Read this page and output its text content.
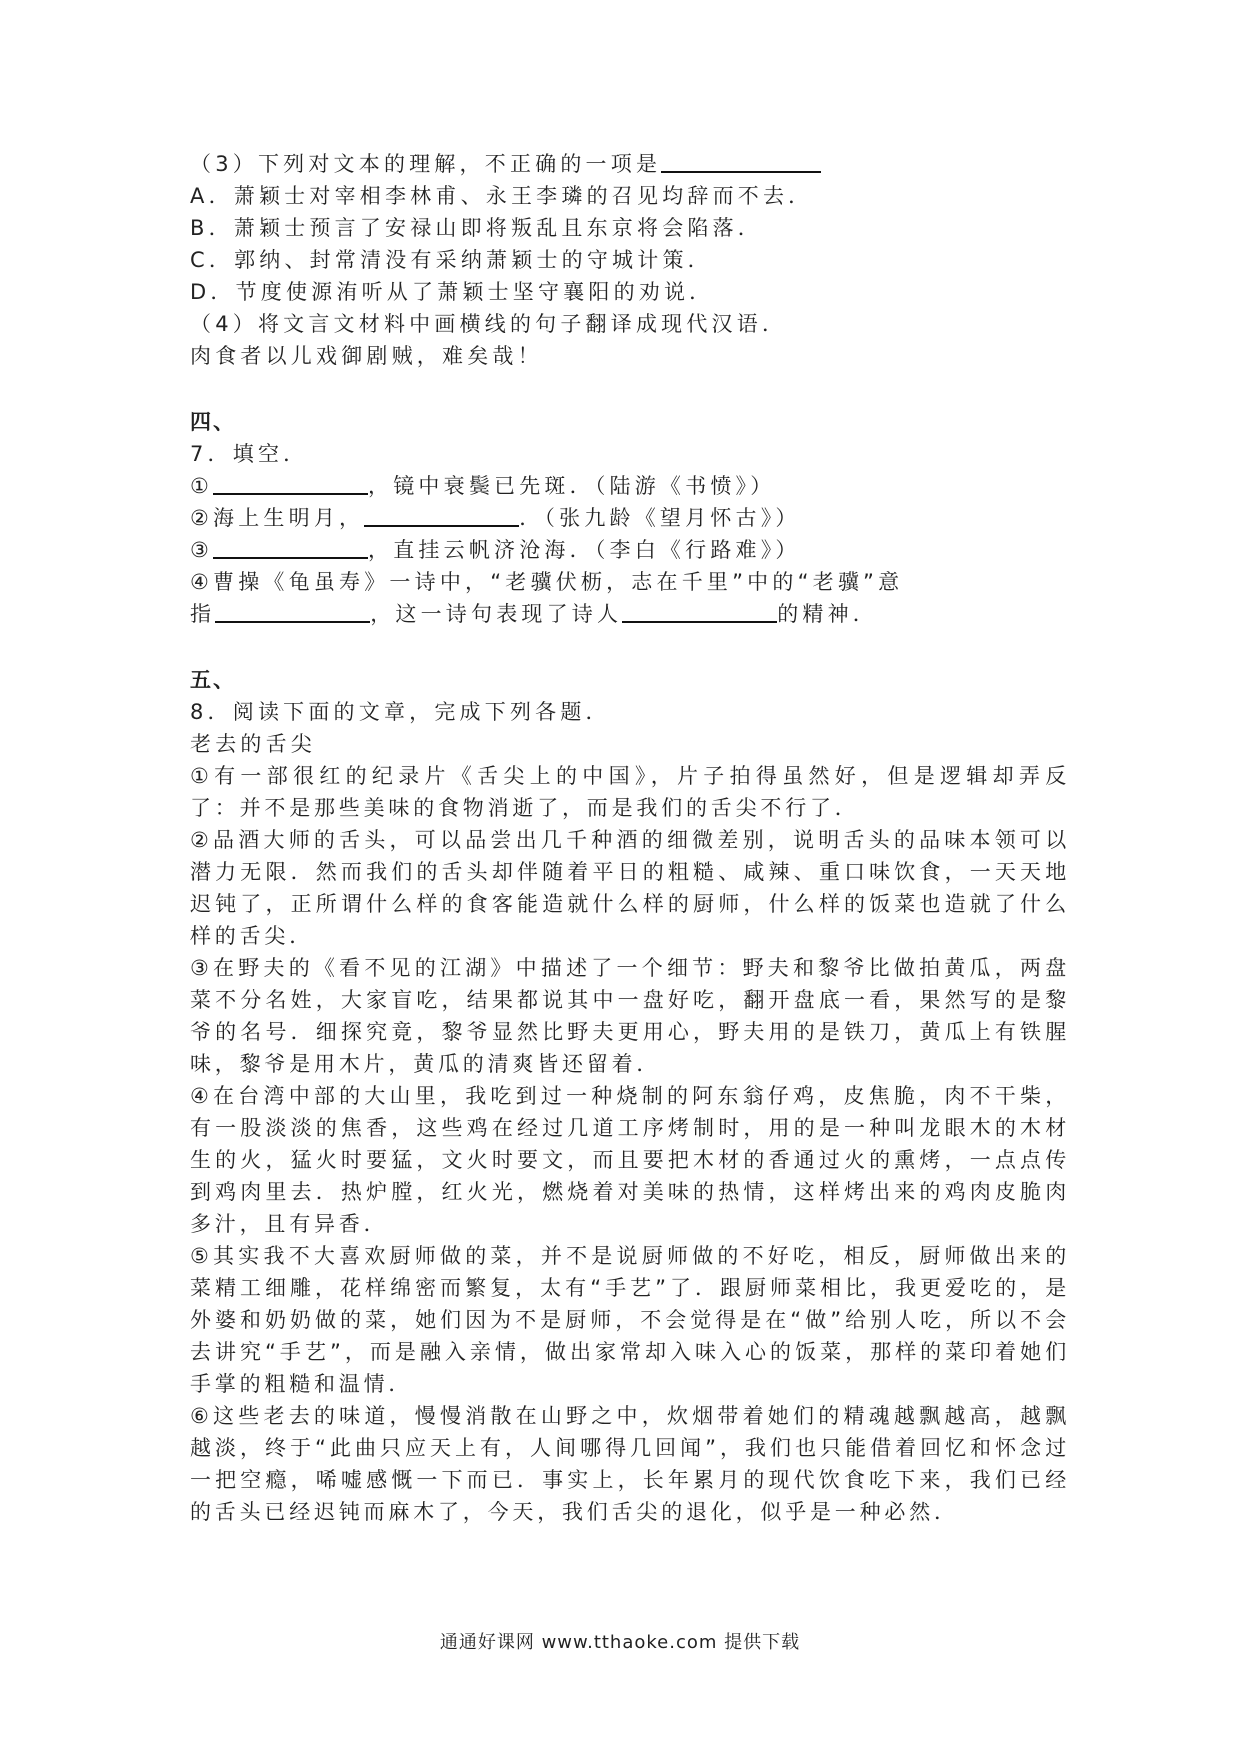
（3）下列对文本的理解，不正确的一项是
A．萧颖士对宰相李林甫、永王李璘的召见均辞而不去．
B．萧颖士预言了安禄山即将叛乱且东京将会陷落．
C．郭纳、封常清没有采纳萧颖士的守城计策．
D．节度使源洧听从了萧颖士坚守襄阳的劝说．
（4）将文言文材料中画横线的句子翻译成现代汉语．
肉食者以儿戏御剧贼，难矣哉！
四、
7．填空．
①	，镜中衰鬓已先斑．（陆游《书愤》）
②海上生明月，	．（张九龄《望月怀古》）
③	，直挂云帆济沧海．（李白《行路难》）
④曹操《龟虽寿》一诗中，“老骥伏枥，志在千里”中的“老骥”意
指	，这一诗句表现了诗人	的精神．
五、
8．阅读下面的文章，完成下列各题．
老去的舌尖
①有一部很红的纪录片《舌尖上的中国》，片子拍得虽然好，但是逻辑却弄反了：并不是那些美味的食物消逝了，而是我们的舌尖不行了．
②品酒大师的舌头，可以品尝出几千种酒的细微差别，说明舌头的品味本领可以潜力无限．然而我们的舌头却伴随着平日的粗糙、咸辣、重口味饮食，一天天地迟钝了，正所谓什么样的食客能造就什么样的厨师，什么样的饭菜也造就了什么样的舌尖．
③在野夫的《看不见的江湖》中描述了一个细节：野夫和黎爷比做拍黄瓜，两盘菜不分名姓，大家盲吃，结果都说其中一盘好吃，翻开盘底一看，果然写的是黎爷的名号．细探究竟，黎爷显然比野夫更用心，野夫用的是铁刀，黄瓜上有铁腥味，黎爷是用木片，黄瓜的清爽皆还留着．
④在台湾中部的大山里，我吃到过一种烧制的阿东翁仔鸡，皮焦脆，肉不干柴，有一股淡淡的焦香，这些鸡在经过几道工序烤制时，用的是一种叫龙眼木的木材生的火，猛火时要猛，文火时要文，而且要把木材的香通过火的熏烤，一点点传到鸡肉里去．热炉膛，红火光，燃烧着对美味的热情，这样烤出来的鸡肉皮脆肉多汁，且有异香．
⑤其实我不大喜欢厨师做的菜，并不是说厨师做的不好吃，相反，厨师做出来的菜精工细雕，花样绵密而繁复，太有“手艺”了．跟厨师菜相比，我更爱吃的，是外婆和奶奶做的菜，她们因为不是厨师，不会觉得是在“做”给别人吃，所以不会去讲究“手艺”，而是融入亲情，做出家常却入味入心的饭菜，那样的菜印着她们手掌的粗糙和温情．
⑥这些老去的味道，慢慢消散在山野之中，炊烟带着她们的精魂越飘越高，越飘越淡，终于“此曲只应天上有，人间哪得几回闻”，我们也只能借着回忆和怀念过一把空瘾，唏嘘感慨一下而已．事实上，长年累月的现代饮食吃下来，我们已经的舌头已经迟钝而麻木了，今天，我们舌尖的退化，似乎是一种必然．
通通好课网 www.tthaoke.com 提供下载
